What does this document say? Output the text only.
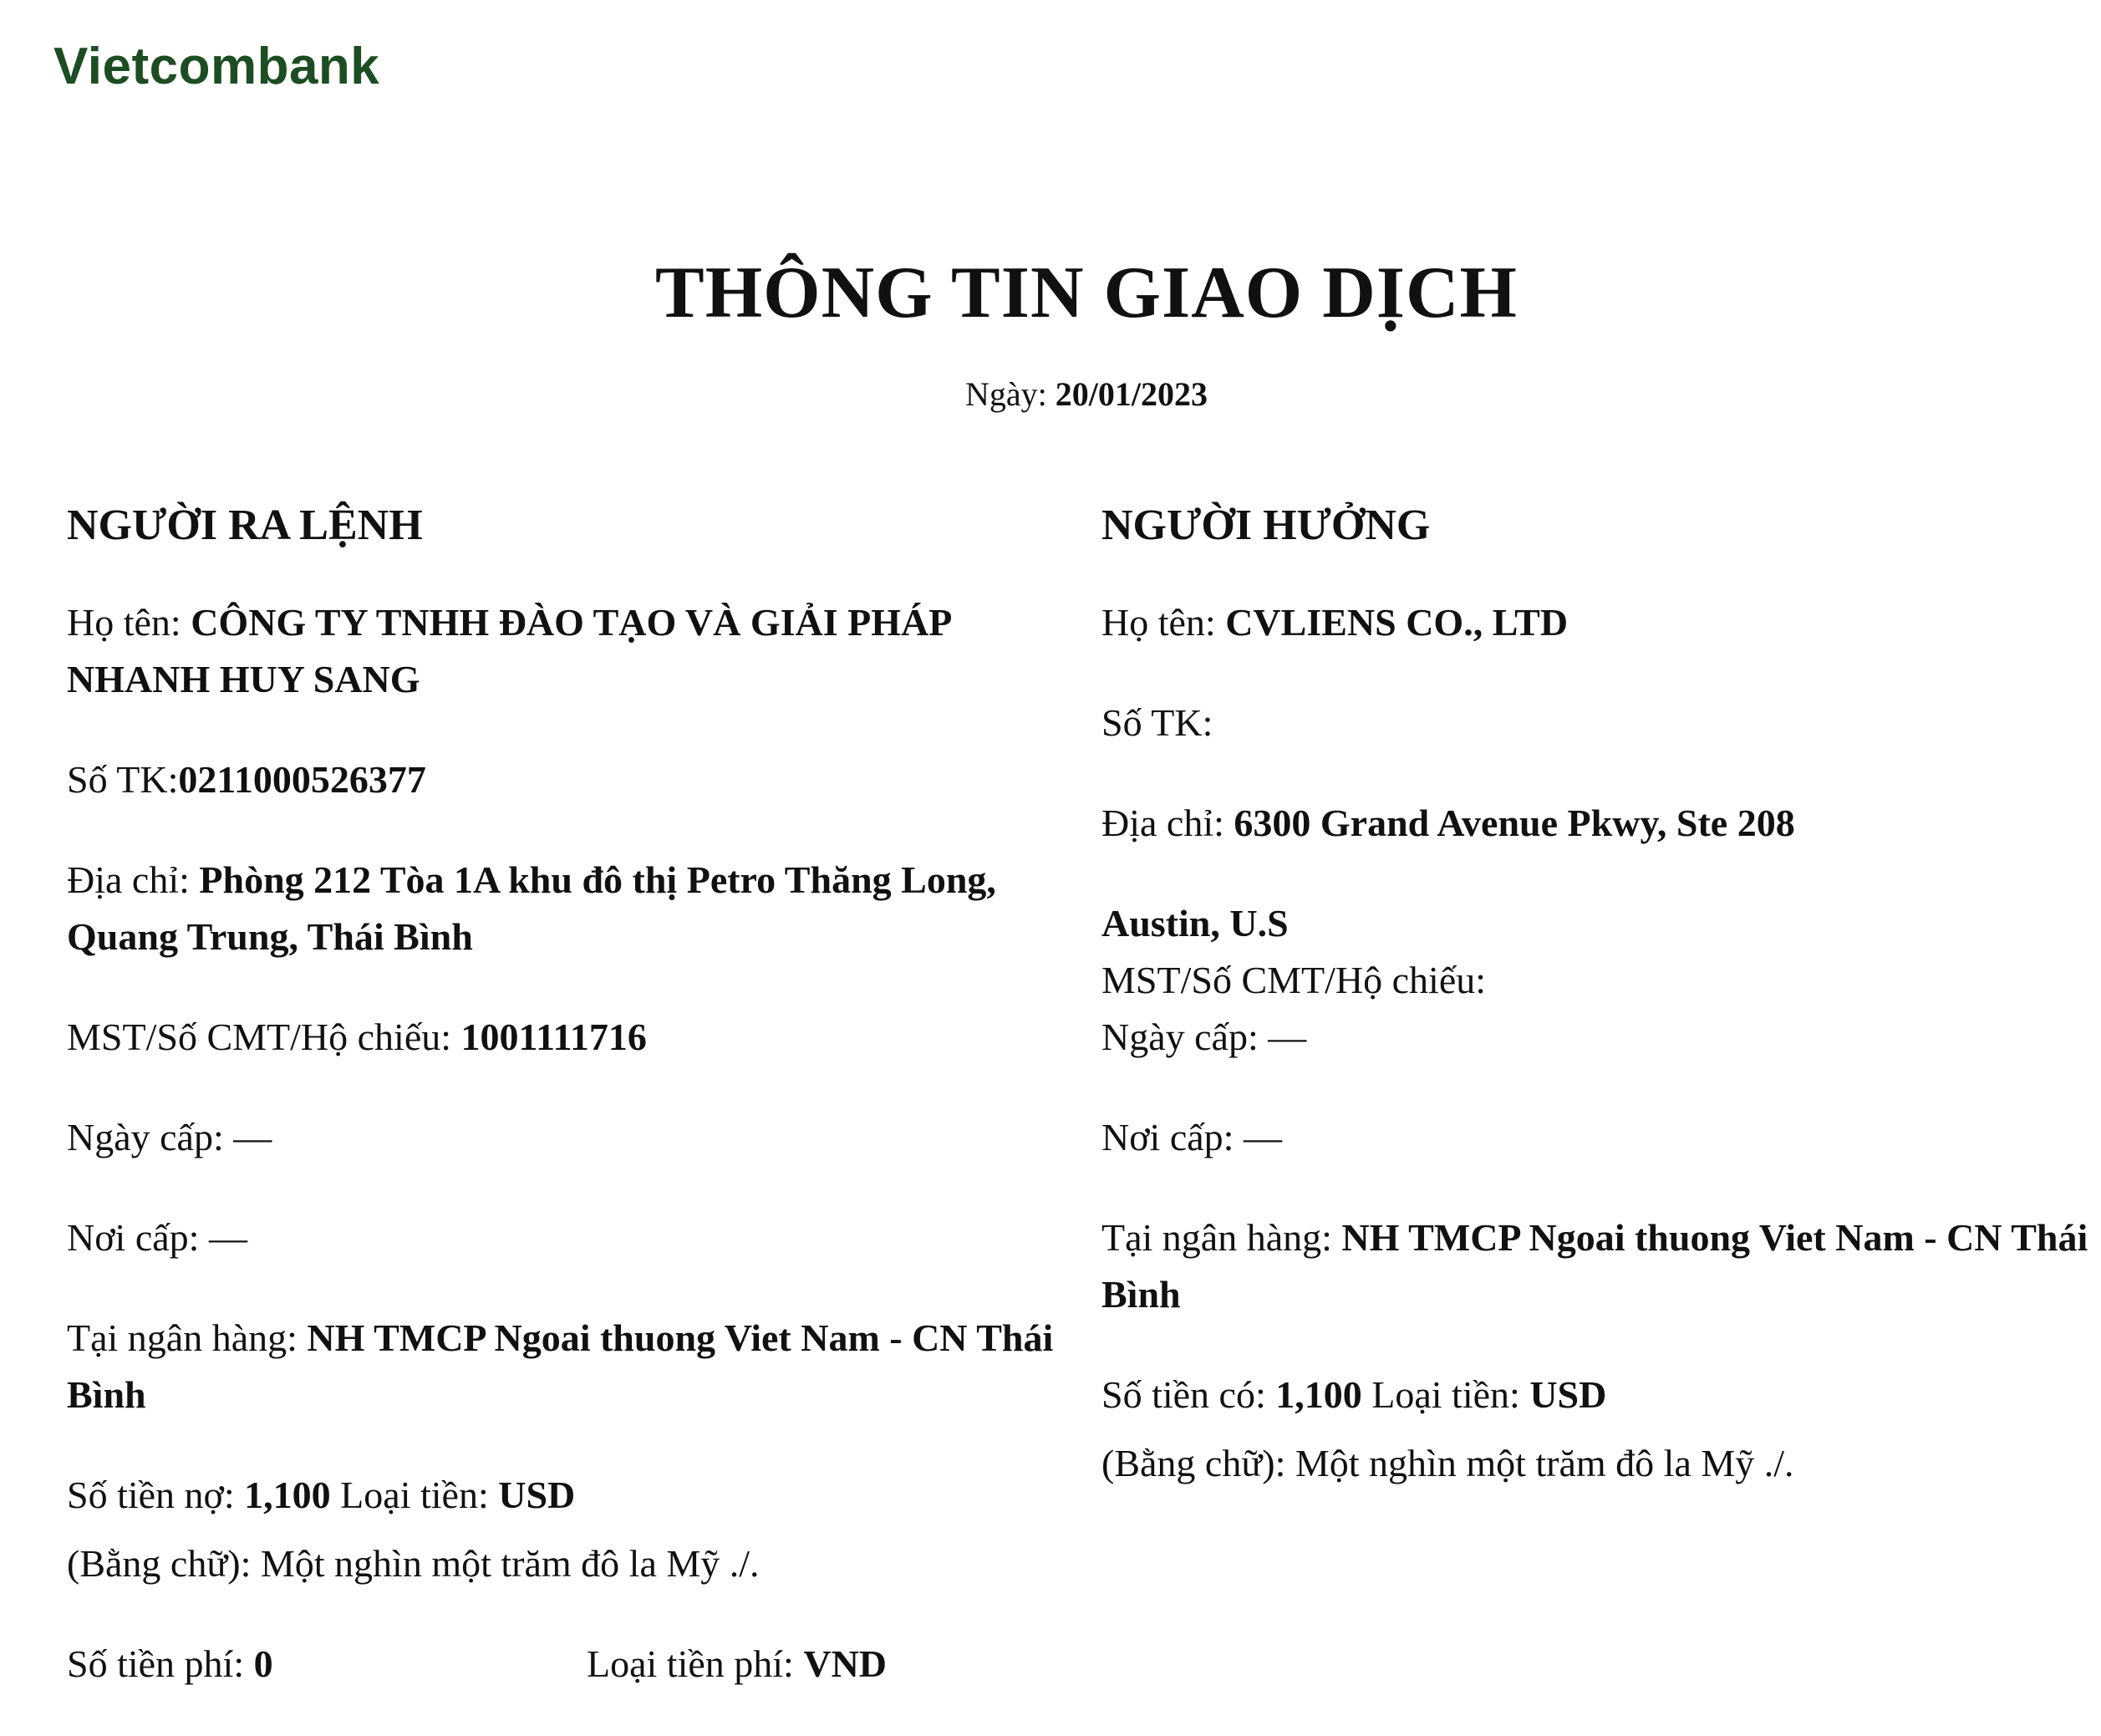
Vietcombank
THÔNG TIN GIAO DỊCH
Ngày: 20/01/2023
NGƯỜI RA LỆNH
Họ tên: CÔNG TY TNHH ĐÀO TẠO VÀ GIẢI PHÁP NHANH HUY SANG
Số TK:0211000526377
Địa chỉ: Phòng 212 Tòa 1A khu đô thị Petro Thăng Long, Quang Trung, Thái Bình
MST/Số CMT/Hộ chiếu: 1001111716
Ngày cấp: —
Nơi cấp: —
Tại ngân hàng: NH TMCP Ngoai thuong Viet Nam - CN Thái Bình
Số tiền nợ: 1,100 Loại tiền: USD
(Bằng chữ): Một nghìn một trăm đô la Mỹ ./.
Số tiền phí: 0	Loại tiền phí: VND
NGƯỜI HƯỞNG
Họ tên: CVLIENS CO., LTD
Số TK:
Địa chỉ: 6300 Grand Avenue Pkwy, Ste 208
Austin, U.S
MST/Số CMT/Hộ chiếu:
Ngày cấp: —
Nơi cấp: —
Tại ngân hàng: NH TMCP Ngoai thuong Viet Nam - CN Thái Bình
Số tiền có: 1,100 Loại tiền: USD
(Bằng chữ): Một nghìn một trăm đô la Mỹ ./.
